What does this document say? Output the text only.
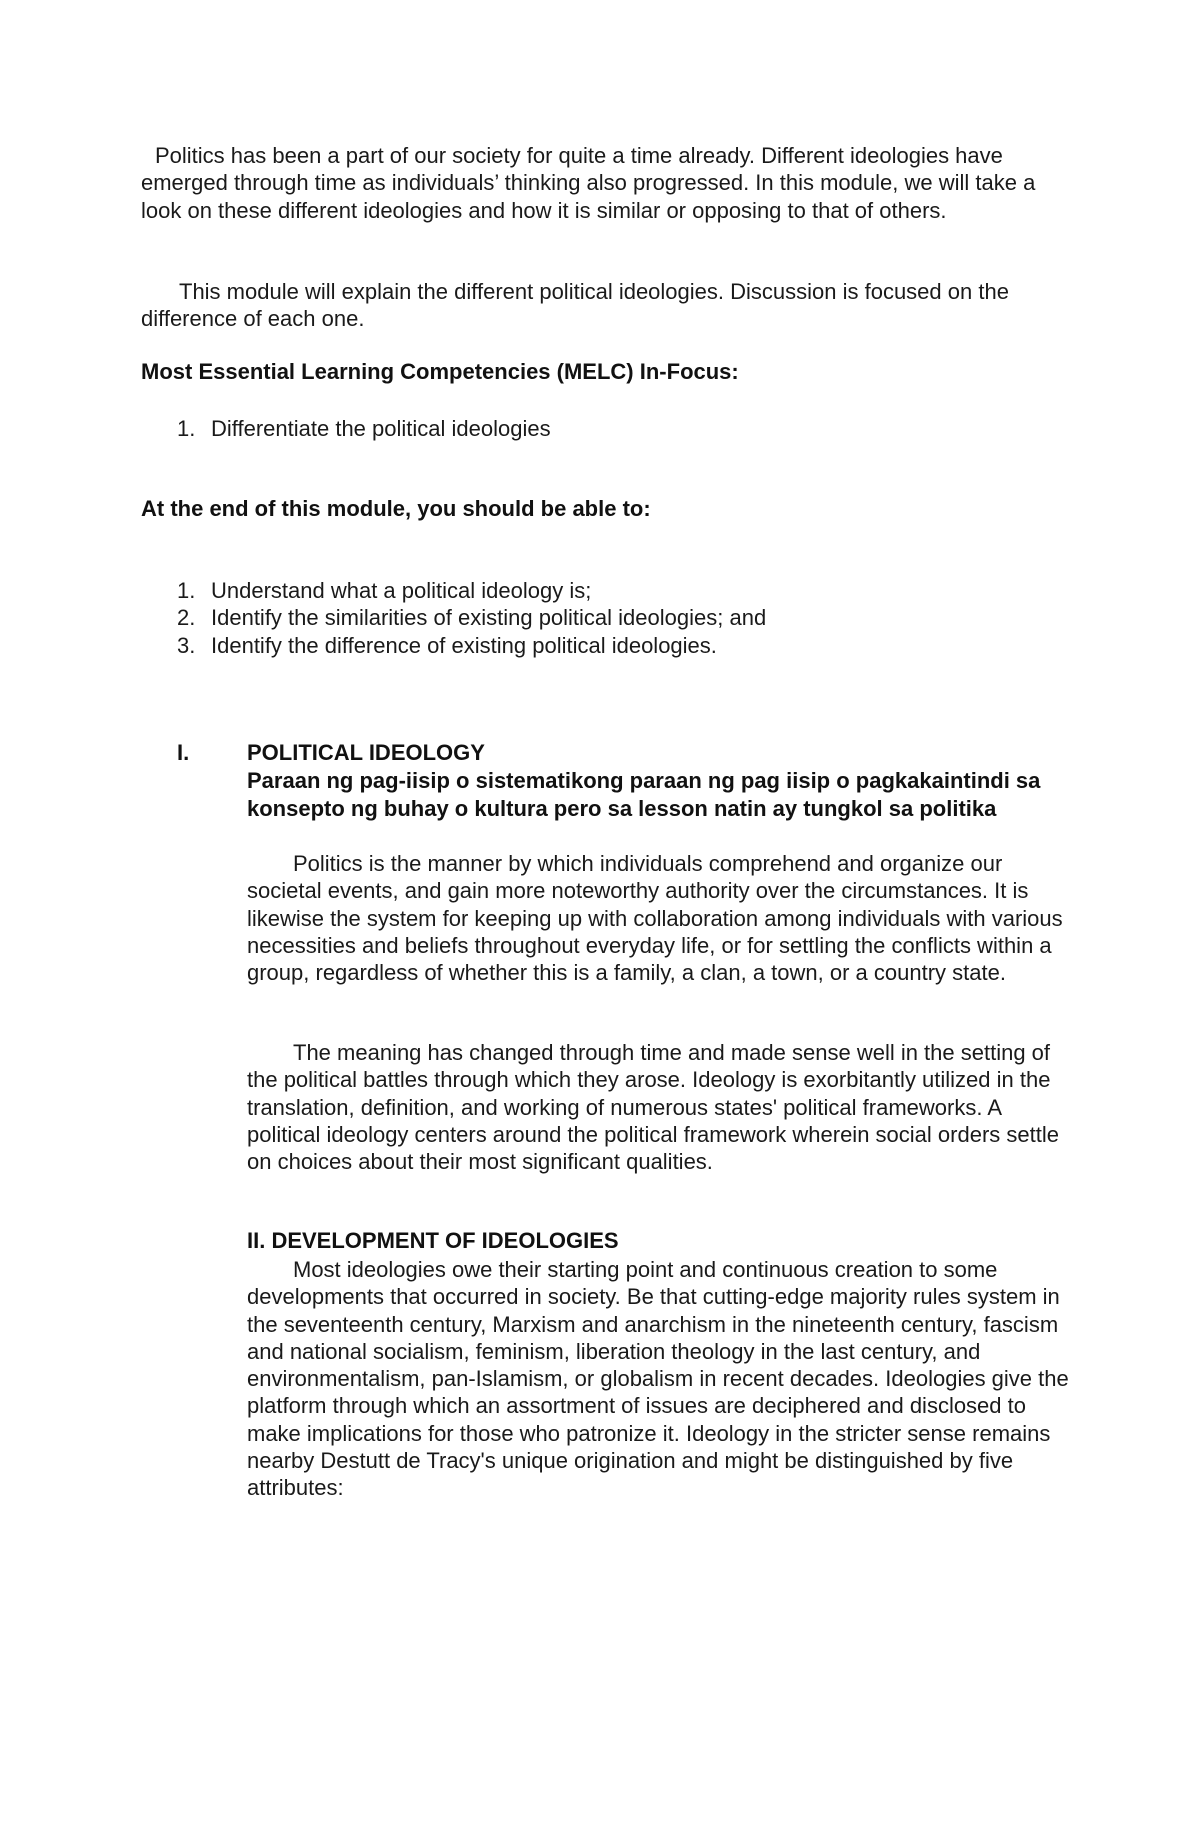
Politics has been a part of our society for quite a time already. Different ideologies have emerged through time as individuals’ thinking also progressed. In this module, we will take a look on these different ideologies and how it is similar or opposing to that of others.

This module will explain the different political ideologies. Discussion is focused on the difference of each one.

Most Essential Learning Competencies (MELC) In-Focus:
1. Differentiate the political ideologies
At the end of this module, you should be able to:
1. Understand what a political ideology is;
2. Identify the similarities of existing political ideologies; and
3. Identify the difference of existing political ideologies.
I.	POLITICAL IDEOLOGY

Paraan ng pag-iisip o sistematikong paraan ng pag iisip o pagkakaintindi sa konsepto ng buhay o kultura pero sa lesson natin ay tungkol sa politika

Politics is the manner by which individuals comprehend and organize our societal events, and gain more noteworthy authority over the circumstances. It is likewise the system for keeping up with collaboration among individuals with various necessities and beliefs throughout everyday life, or for settling the conflicts within a group, regardless of whether this is a family, a clan, a town, or a country state.

The meaning has changed through time and made sense well in the setting of the political battles through which they arose. Ideology is exorbitantly utilized in the translation, definition, and working of numerous states' political frameworks. A political ideology centers around the political framework wherein social orders settle on choices about their most significant qualities.

II. DEVELOPMENT OF IDEOLOGIES

Most ideologies owe their starting point and continuous creation to some developments that occurred in society. Be that cutting-edge majority rules system in the seventeenth century, Marxism and anarchism in the nineteenth century, fascism and national socialism, feminism, liberation theology in the last century, and environmentalism, pan-Islamism, or globalism in recent decades. Ideologies give the platform through which an assortment of issues are deciphered and disclosed to make implications for those who patronize it. Ideology in the stricter sense remains nearby Destutt de Tracy's unique origination and might be distinguished by five attributes:
